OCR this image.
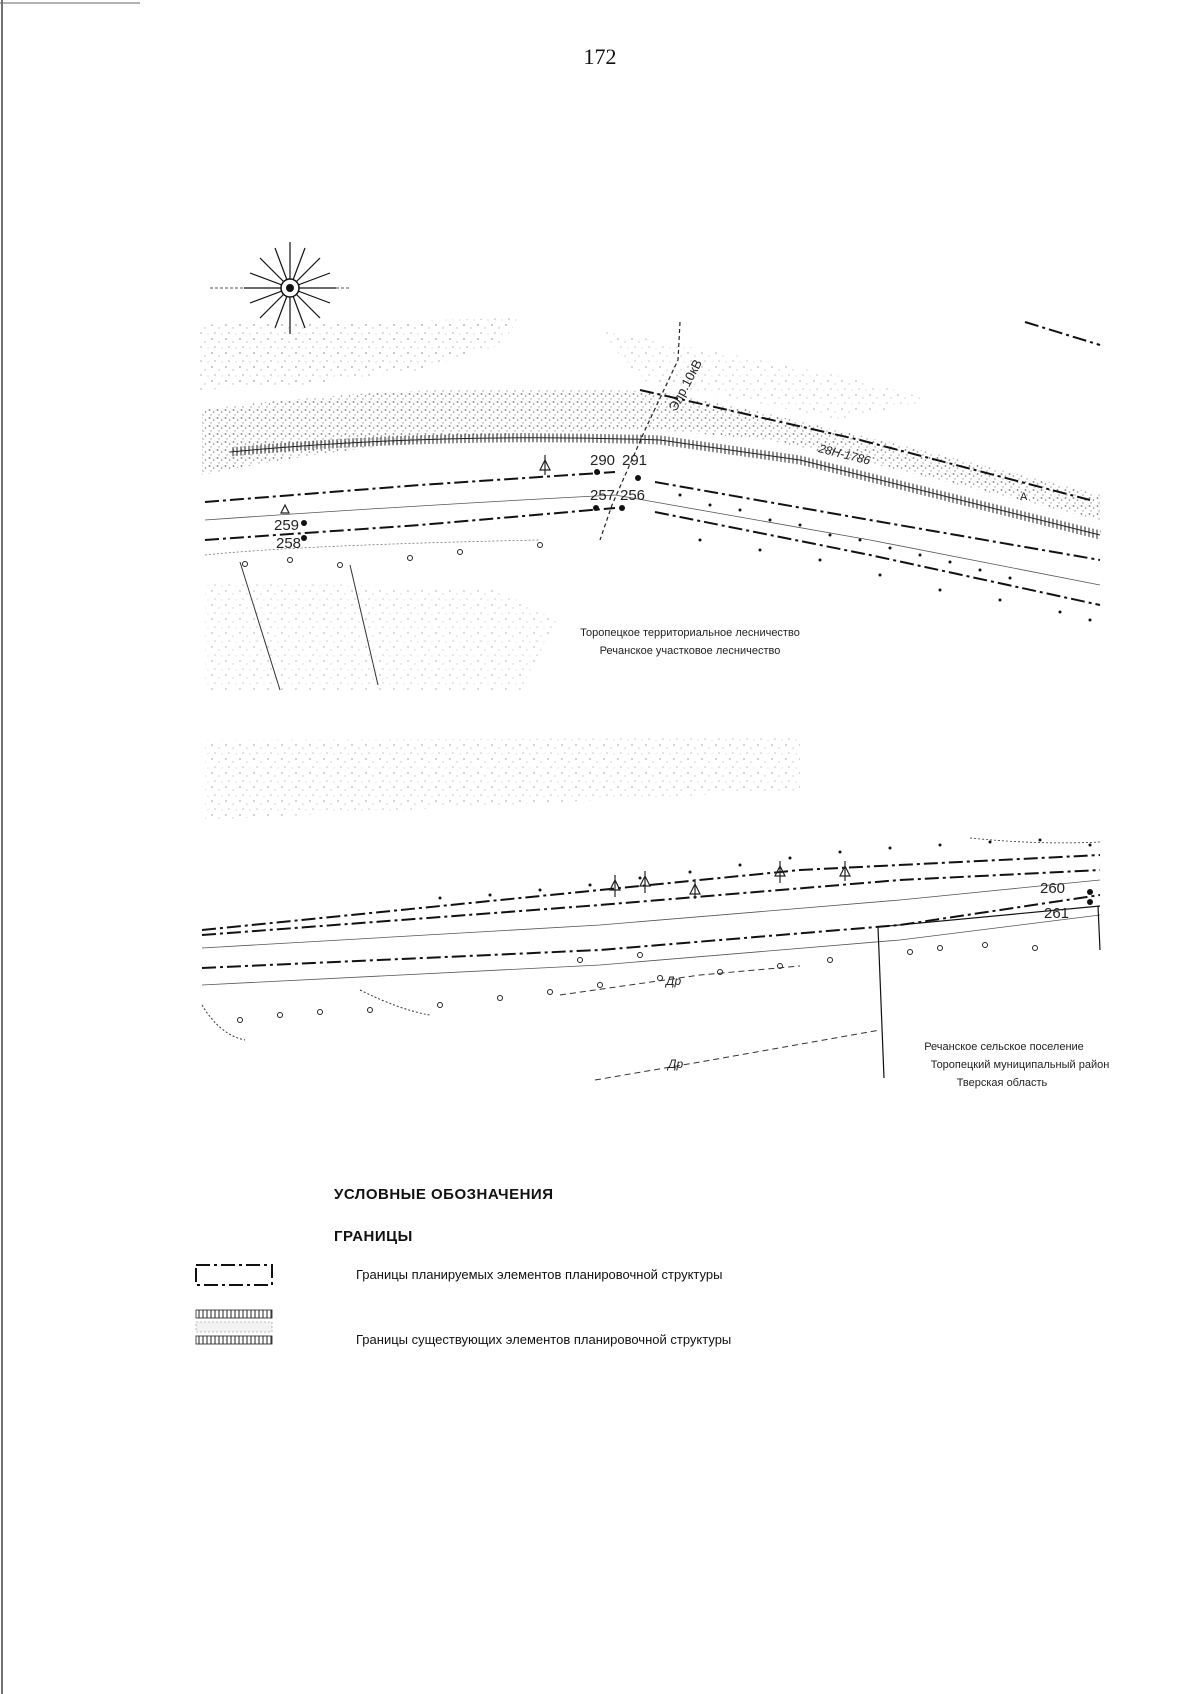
172
28Н-1786
А
Элр.10кВ
290 291
257 256
259
258
Торопецкое территориальное лесничество
Речанское участковое лесничество
Др
Др
260
261
Речанское сельское поселение
Торопецкий муниципальный район
Тверская область
УСЛОВНЫЕ ОБОЗНАЧЕНИЯ
ГРАНИЦЫ
Границы планируемых элементов планировочной структуры
Границы существующих элементов планировочной структуры
